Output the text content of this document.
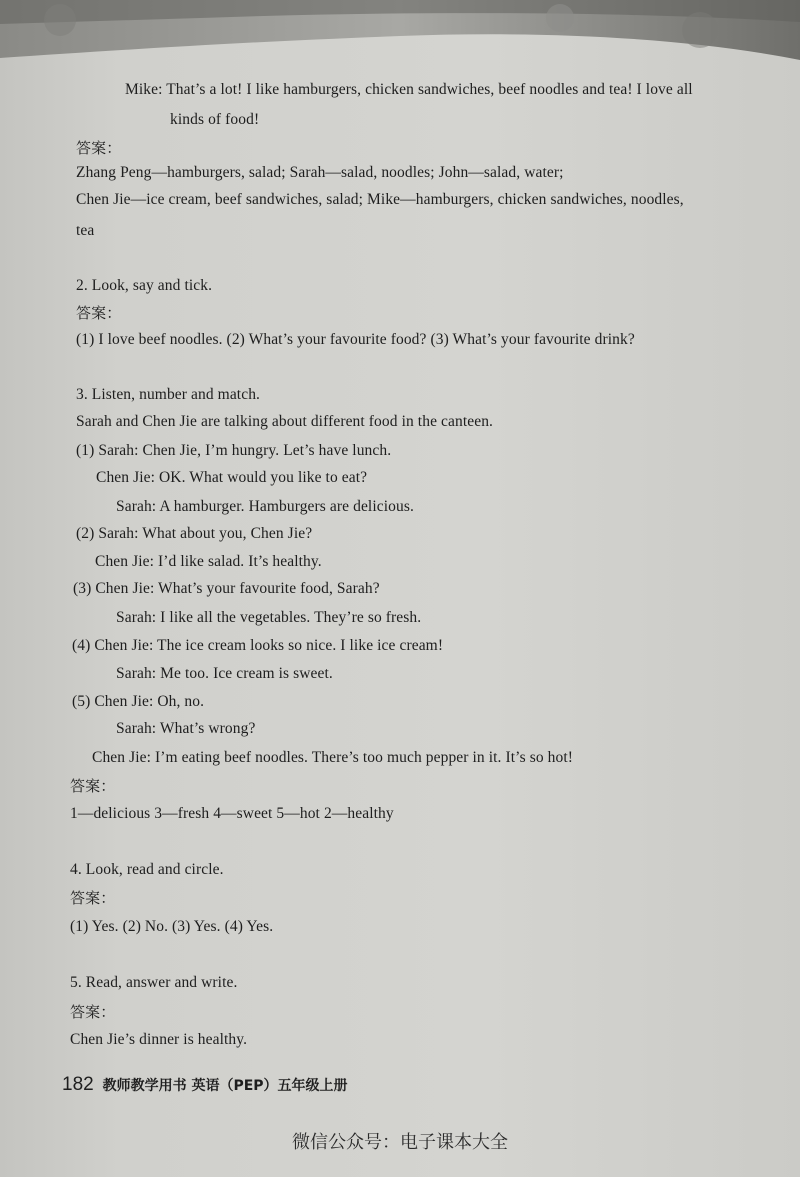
Mike: That’s a lot! I like hamburgers, chicken sandwiches, beef noodles and tea! I love all
kinds of food!
答案：
Zhang Peng—hamburgers, salad; Sarah—salad, noodles; John—salad, water;
Chen Jie—ice cream, beef sandwiches, salad; Mike—hamburgers, chicken sandwiches, noodles,
tea
2. Look, say and tick.
答案：
(1) I love beef noodles. (2) What’s your favourite food? (3) What’s your favourite drink?
3. Listen, number and match.
Sarah and Chen Jie are talking about different food in the canteen.
(1) Sarah: Chen Jie, I’m hungry. Let’s have lunch.
Chen Jie: OK. What would you like to eat?
Sarah: A hamburger. Hamburgers are delicious.
(2) Sarah: What about you, Chen Jie?
Chen Jie: I’d like salad. It’s healthy.
(3) Chen Jie: What’s your favourite food, Sarah?
Sarah: I like all the vegetables. They’re so fresh.
(4) Chen Jie: The ice cream looks so nice. I like ice cream!
Sarah: Me too. Ice cream is sweet.
(5) Chen Jie: Oh, no.
Sarah: What’s wrong?
Chen Jie: I’m eating beef noodles. There’s too much pepper in it. It’s so hot!
答案：
1—delicious 3—fresh 4—sweet 5—hot 2—healthy
4. Look, read and circle.
答案：
(1) Yes. (2) No. (3) Yes. (4) Yes.
5. Read, answer and write.
答案：
Chen Jie’s dinner is healthy.
182 教师教学用书 英语（PEP）五年级上册
微信公众号：电子课本大全
